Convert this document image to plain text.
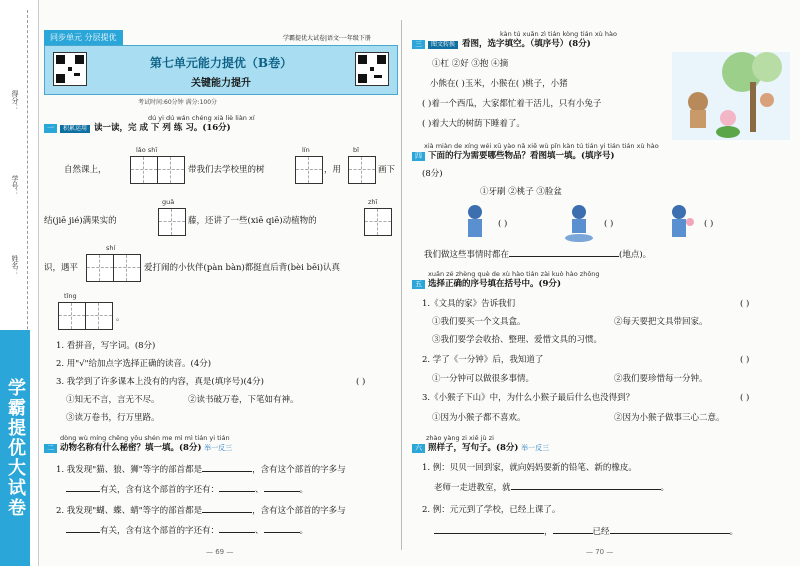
得分：
学号：
姓名：
学霸提优大试卷
同步单元 分层提优	学霸提优大试卷|语文·一年级下册
第七单元能力提优（B卷）
关键能力提升
考试时间:60分钟 满分:100分
dú yi dú wán chéng xià liè liàn xí
一 积累运用 读一读，完 成 下 列 练 习。(16分)
lǎo shī	lín	bǐ
自然课上，	带我们去学校里的树	，用	画下
guǎ	zhī
结(jiē jié)满果实的	藤，还讲了一些(xiē qiē)动植物的
shí
识，遇平	爱打闹的小伙伴(pàn bàn)都挺直后背(bèi bēi)认真
tǐng
。
1. 看拼音，写字词。(8分)
2. 用"√"给加点字选择正确的读音。(4分)
3. 我学到了许多课本上没有的内容，真是(填序号)(4分)	( )
①知无不言，言无不尽。	②读书破万卷，下笔如有神。
③读万卷书，行万里路。
dòng wù míng chēng yǒu shén me mì mì tián yi tián
二 动物名称有什么秘密？填一填。(8分) 举一反三
1. 我发现"猫、狼、狮"等字的部首都是	，含有这个部首的字多与
有关，含有这个部首的字还有：	、	。
2. 我发现"蝴、蝶、蜻"等字的部首都是	，含有这个部首的字多与
有关，含有这个部首的字还有：	、	。
— 69 —
kàn tú xuǎn zì tián kòng tián xù hào
三 图文转换 看图，选字填空。（填序号）(8分)
①杠 ②好 ③抱 ④摘
小熊在( )玉米，小猴在( )桃子，小猪
( )着一个西瓜，大家都忙着干活儿，只有小兔子
( )着大大的树荫下睡着了。
xià miàn de xíng wéi xū yào nǎ xiē wù pǐn kàn tú tián yi tián tián xù hào
四 下面的行为需要哪些物品？看图填一填。(填序号)
(8分)
①牙刷 ②桃子 ③脸盆
( )	( )	( )
我们做这些事情时都在	(地点)。
xuǎn zé zhèng què de xù hào tián zài kuò hào zhōng
五 选择正确的序号填在括号中。(9分)
1.《文具的家》告诉我们	( )
①我们要买一个文具盒。	②每天要把文具带回家。
③我们要学会收拾、整理、爱惜文具的习惯。
2. 学了《一分钟》后，我知道了	( )
①一分钟可以做很多事情。	②我们要珍惜每一分钟。
3.《小猴子下山》中，为什么小猴子最后什么也没得到？	( )
①因为小猴子都不喜欢。	②因为小猴子做事三心二意。
zhào yàng zi xiě jù zi
六 照样子，写句子。(8分) 举一反三
1. 例：贝贝一回到家，就向妈妈要新的铅笔、新的橡皮。
老师一走进教室，就	。
2. 例：元元到了学校，已经上课了。
，	已经	。
— 70 —
